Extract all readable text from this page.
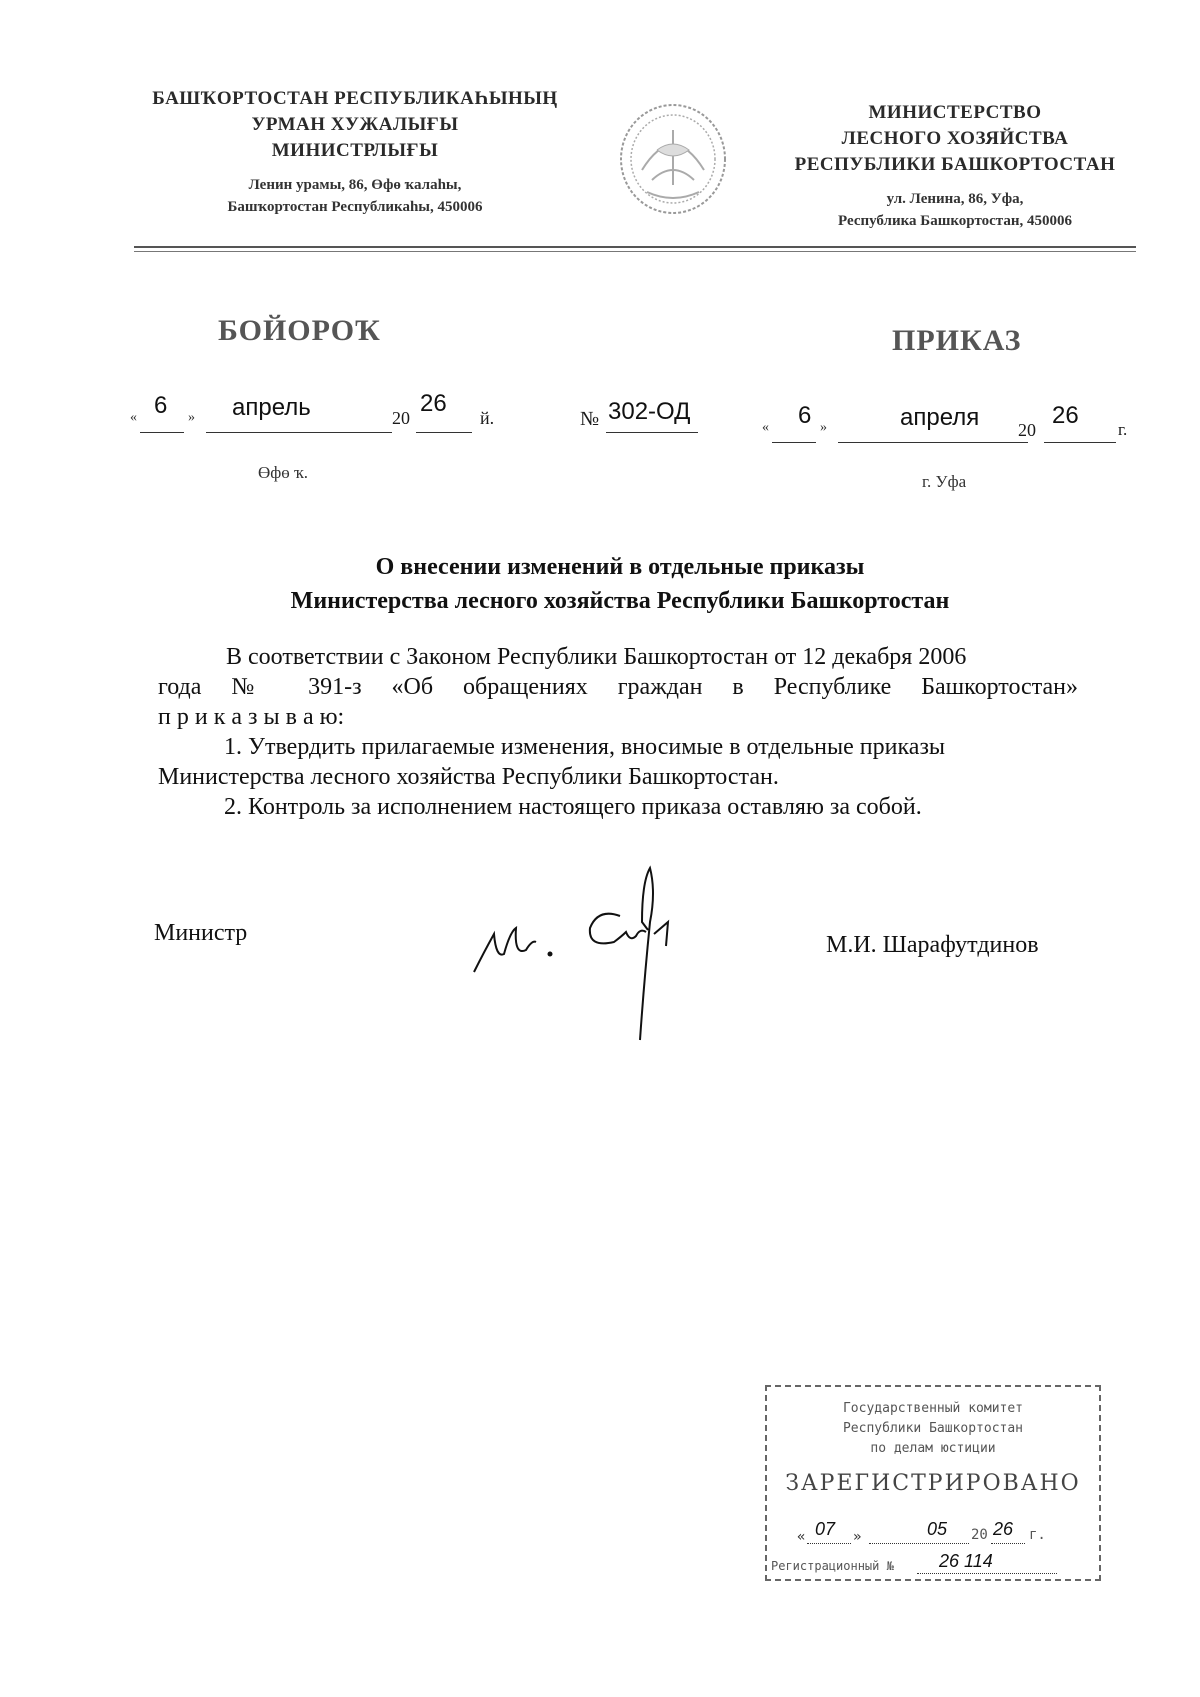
БАШҠОРТОСТАН РЕСПУБЛИКАҺЫНЫҢ
УРМАН ХУЖАЛЫҒЫ
МИНИСТРЛЫҒЫ
Ленин урамы, 86, Өфө ҡалаһы,
Башҡортостан Республикаһы, 450006
МИНИСТЕРСТВО
ЛЕСНОГО ХОЗЯЙСТВА
РЕСПУБЛИКИ БАШКОРТОСТАН
ул. Ленина, 86, Уфа,
Республика Башкортостан, 450006
БОЙОРОҠ	ПРИКАЗ
« 6 » апрель	20
26
й.	№ 302-ОД
« 6 »	апреля 20
26
г.
Өфө ҡ.	г. Уфа
О внесении изменений в отдельные приказы
Министерства лесного хозяйства Республики Башкортостан
В соответствии с Законом Республики Башкортостан от 12 декабря 2006
года № 391-з «Об обращениях граждан в Республике Башкортостан»
п р и к а з ы в а ю:
1. Утвердить прилагаемые изменения, вносимые в отдельные приказы
Министерства лесного хозяйства Республики Башкортостан.
2. Контроль за исполнением настоящего приказа оставляю за собой.
Министр	М.И. Шарафутдинов
Государственный комитет
Республики Башкортостан
по делам юстиции
ЗАРЕГИСТРИРОВАНО
« 07 »	05 20 26 г.
Регистрационный №	26 114
